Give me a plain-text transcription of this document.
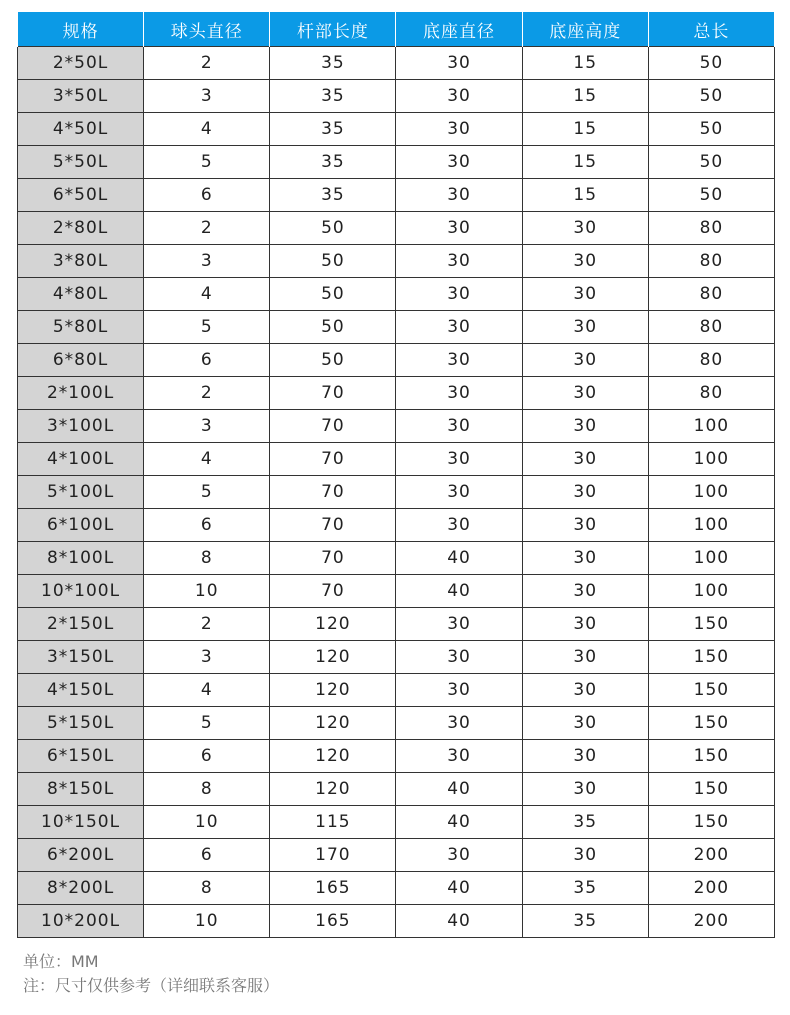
规格	球头直径	杆部长度	底座直径	底座高度	总长
2*50L	2	35	30	15	50
3*50L	3	35	30	15	50
4*50L	4	35	30	15	50
5*50L	5	35	30	15	50
6*50L	6	35	30	15	50
2*80L	2	50	30	30	80
3*80L	3	50	30	30	80
4*80L	4	50	30	30	80
5*80L	5	50	30	30	80
6*80L	6	50	30	30	80
2*100L	2	70	30	30	80
3*100L	3	70	30	30	100
4*100L	4	70	30	30	100
5*100L	5	70	30	30	100
6*100L	6	70	30	30	100
8*100L	8	70	40	30	100
10*100L	10	70	40	30	100
2*150L	2	120	30	30	150
3*150L	3	120	30	30	150
4*150L	4	120	30	30	150
5*150L	5	120	30	30	150
6*150L	6	120	30	30	150
8*150L	8	120	40	30	150
10*150L	10	115	40	35	150
6*200L	6	170	30	30	200
8*200L	8	165	40	35	200
10*200L	10	165	40	35	200
单位：MM
注：尺寸仅供参考（详细联系客服）
